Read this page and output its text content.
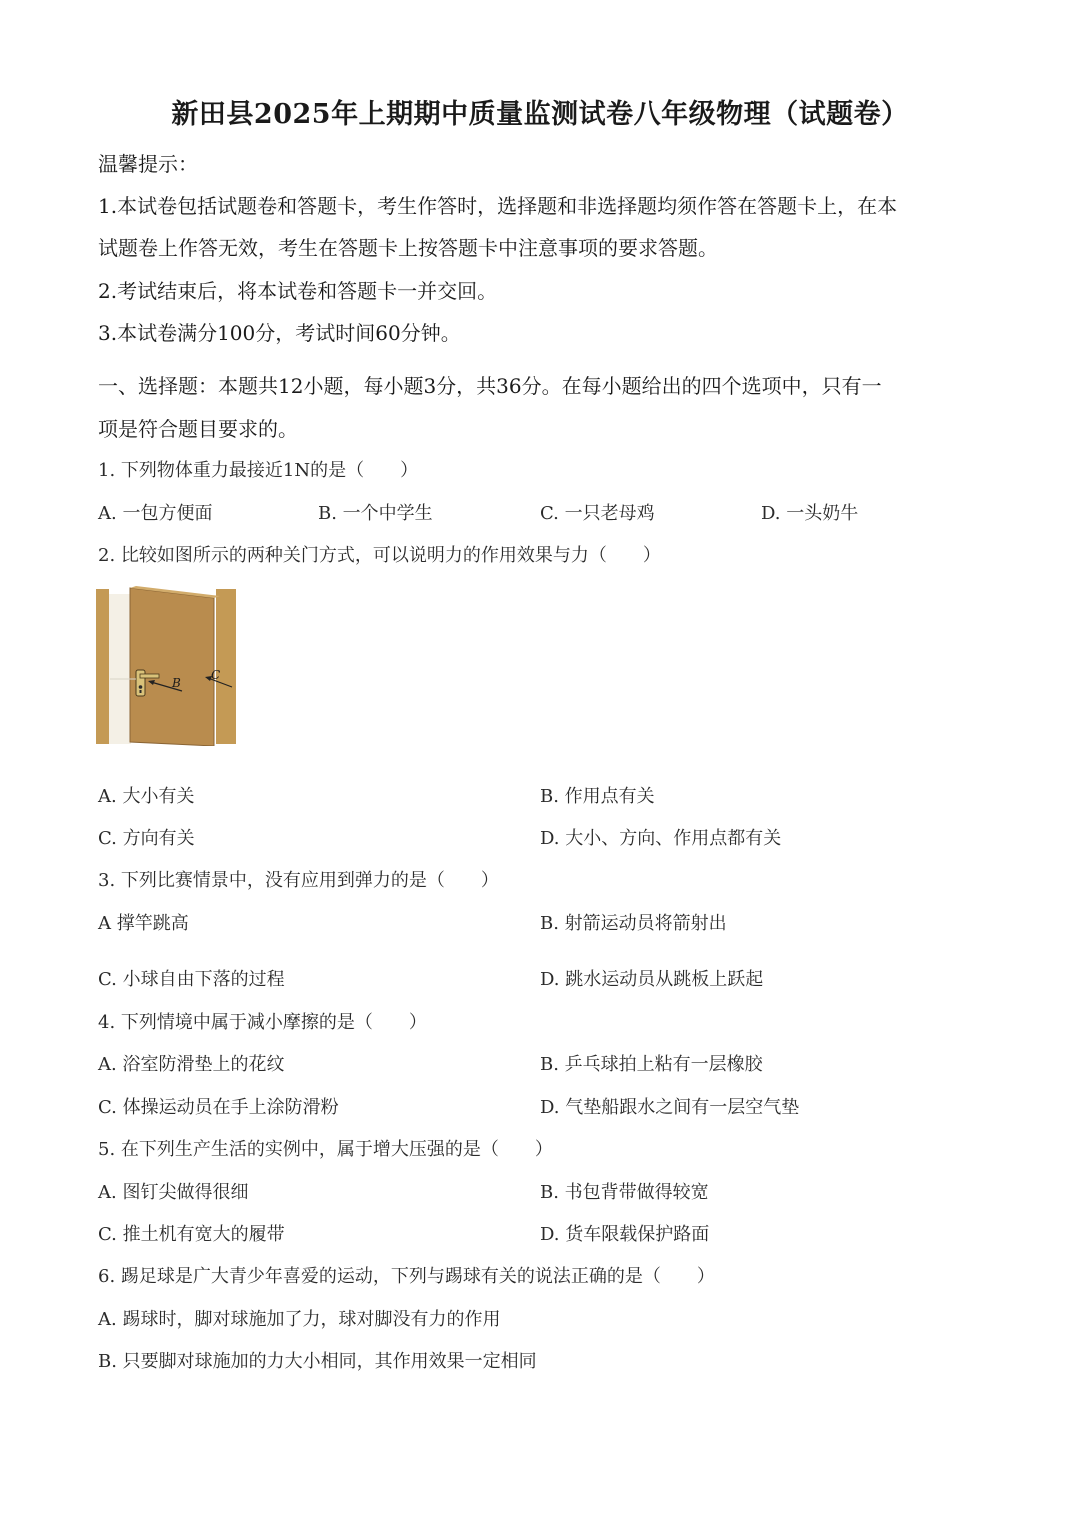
新田县2025年上期期中质量监测试卷八年级物理（试题卷）
温馨提示：
1.本试卷包括试题卷和答题卡，考生作答时，选择题和非选择题均须作答在答题卡上，在本
试题卷上作答无效，考生在答题卡上按答题卡中注意事项的要求答题。
2.考试结束后，将本试卷和答题卡一并交回。
3.本试卷满分100分，考试时间60分钟。
一、选择题：本题共12小题，每小题3分，共36分。在每小题给出的四个选项中，只有一
项是符合题目要求的。
1. 下列物体重力最接近1N的是（　　）
A. 一包方便面	B. 一个中学生	C. 一只老母鸡	D. 一头奶牛
2. 比较如图所示的两种关门方式，可以说明力的作用效果与力（　　）
B
C
A. 大小有关	B. 作用点有关
C. 方向有关	D. 大小、方向、作用点都有关
3. 下列比赛情景中，没有应用到弹力的是（　　）
A 撑竿跳高	B. 射箭运动员将箭射出
C. 小球自由下落的过程	D. 跳水运动员从跳板上跃起
4. 下列情境中属于减小摩擦的是（　　）
A. 浴室防滑垫上的花纹	B. 乒乓球拍上粘有一层橡胶
C. 体操运动员在手上涂防滑粉	D. 气垫船跟水之间有一层空气垫
5. 在下列生产生活的实例中，属于增大压强的是（　　）
A. 图钉尖做得很细	B. 书包背带做得较宽
C. 推土机有宽大的履带	D. 货车限载保护路面
6. 踢足球是广大青少年喜爱的运动，下列与踢球有关的说法正确的是（　　）
A. 踢球时，脚对球施加了力，球对脚没有力的作用
B. 只要脚对球施加的力大小相同，其作用效果一定相同
